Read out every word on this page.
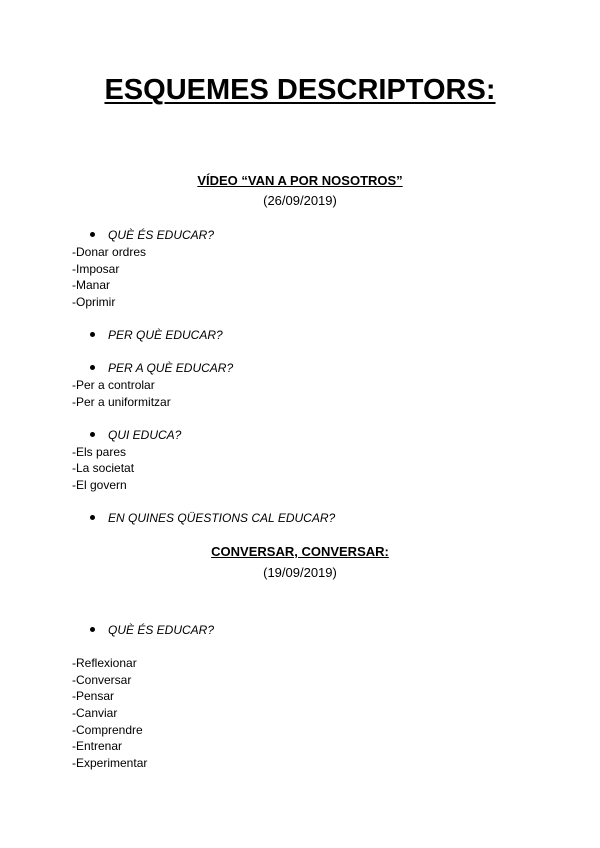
ESQUEMES DESCRIPTORS:
VÍDEO “VAN A POR NOSOTROS”
(26/09/2019)
QUÈ ÉS EDUCAR?
-Donar ordres
-Imposar
-Manar
-Oprimir
PER QUÈ EDUCAR?
PER A QUÈ EDUCAR?
-Per a controlar
-Per a uniformitzar
QUI EDUCA?
-Els pares
-La societat
-El govern
EN QUINES QÜESTIONS CAL EDUCAR?
CONVERSAR, CONVERSAR:
(19/09/2019)
QUÈ ÉS EDUCAR?
-Reflexionar
-Conversar
-Pensar
-Canviar
-Comprendre
-Entrenar
-Experimentar
